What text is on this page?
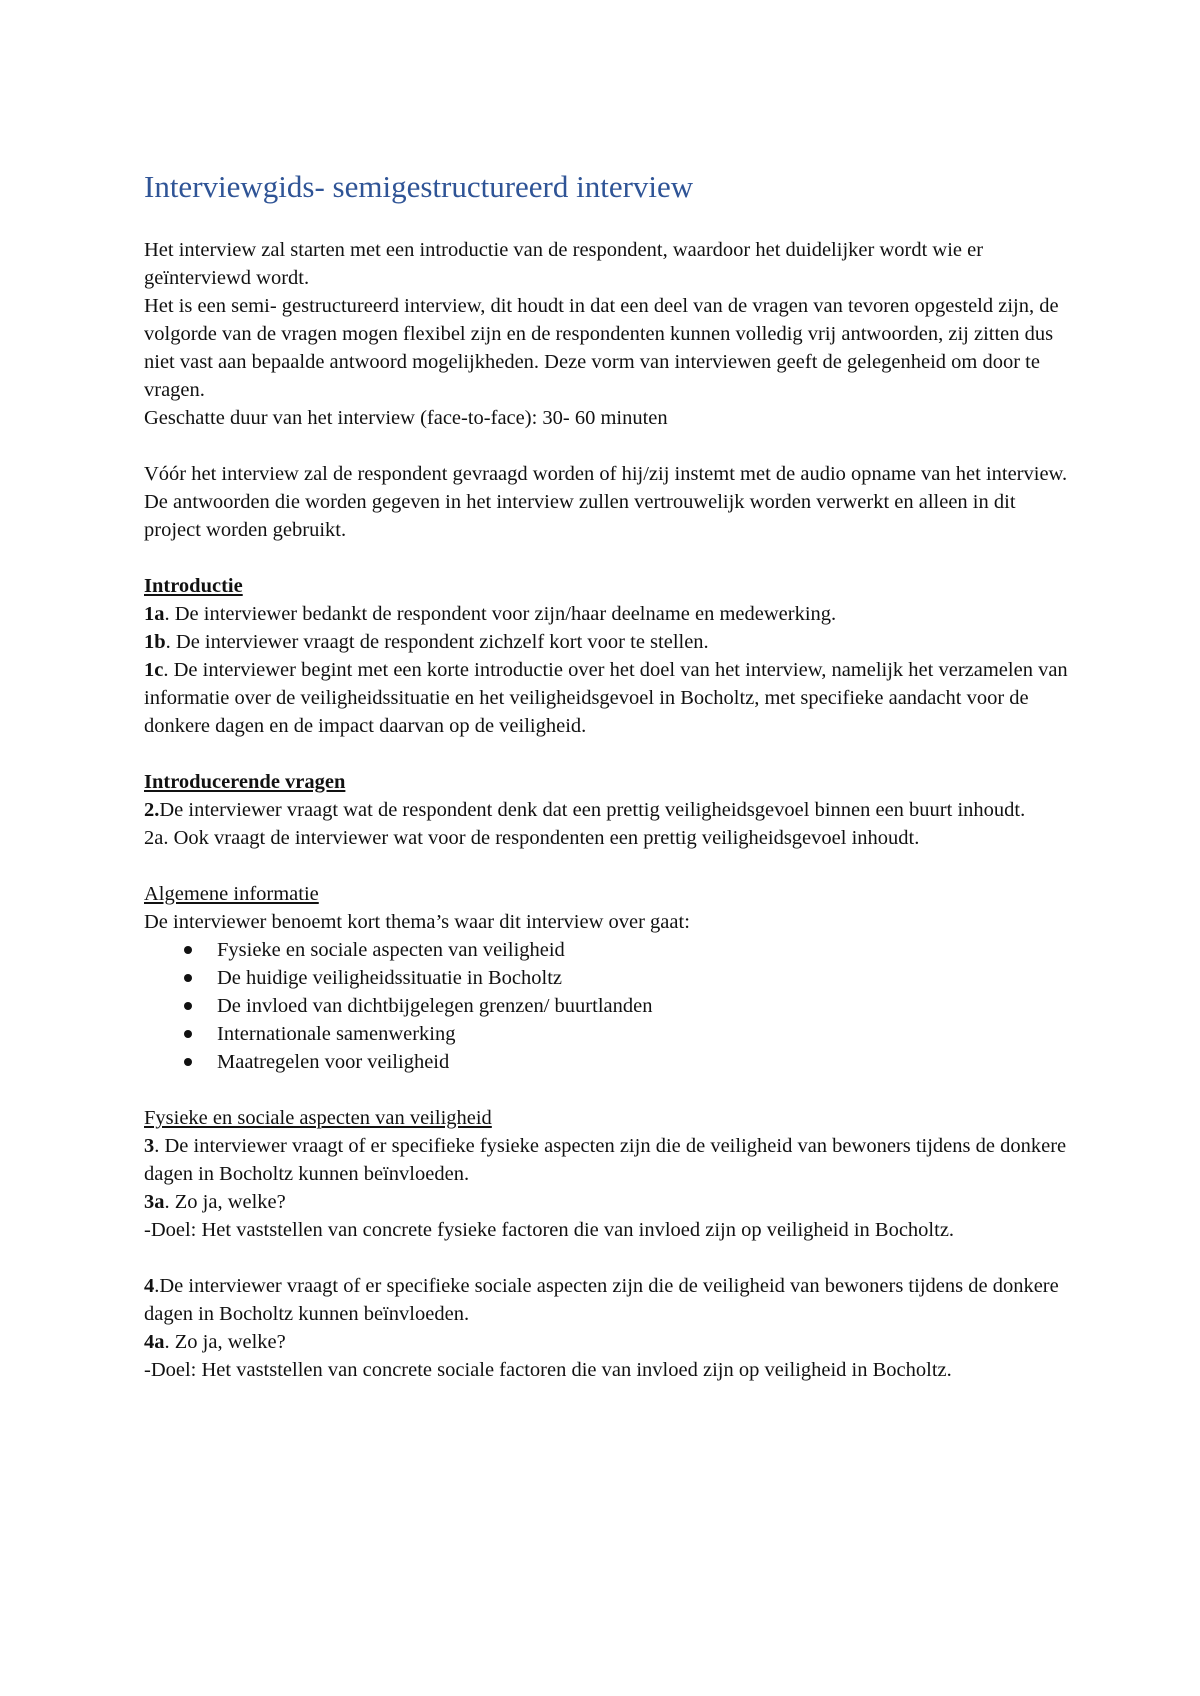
Interviewgids- semigestructureerd interview

Het interview zal starten met een introductie van de respondent, waardoor het duidelijker wordt wie er geïnterviewd wordt.

Het is een semi- gestructureerd interview, dit houdt in dat een deel van de vragen van tevoren opgesteld zijn, de volgorde van de vragen mogen flexibel zijn en de respondenten kunnen volledig vrij antwoorden, zij zitten dus niet vast aan bepaalde antwoord mogelijkheden. Deze vorm van interviewen geeft de gelegenheid om door te vragen.

Geschatte duur van het interview (face-to-face): 30- 60 minuten

Vóór het interview zal de respondent gevraagd worden of hij/zij instemt met de audio opname van het interview. De antwoorden die worden gegeven in het interview zullen vertrouwelijk worden verwerkt en alleen in dit project worden gebruikt.

Introductie

1a. De interviewer bedankt de respondent voor zijn/haar deelname en medewerking.

1b. De interviewer vraagt de respondent zichzelf kort voor te stellen.

1c. De interviewer begint met een korte introductie over het doel van het interview, namelijk het verzamelen van informatie over de veiligheidssituatie en het veiligheidsgevoel in Bocholtz, met specifieke aandacht voor de donkere dagen en de impact daarvan op de veiligheid.

Introducerende vragen

2.De interviewer vraagt wat de respondent denk dat een prettig veiligheidsgevoel binnen een buurt inhoudt.

2a. Ook vraagt de interviewer wat voor de respondenten een prettig veiligheidsgevoel inhoudt.

Algemene informatie

De interviewer benoemt kort thema’s waar dit interview over gaat:

Fysieke en sociale aspecten van veiligheid
De huidige veiligheidssituatie in Bocholtz
De invloed van dichtbijgelegen grenzen/ buurtlanden
Internationale samenwerking
Maatregelen voor veiligheid

Fysieke en sociale aspecten van veiligheid

3. De interviewer vraagt of er specifieke fysieke aspecten zijn die de veiligheid van bewoners tijdens de donkere dagen in Bocholtz kunnen beïnvloeden.

3a. Zo ja, welke?

-Doel: Het vaststellen van concrete fysieke factoren die van invloed zijn op veiligheid in Bocholtz.

4.De interviewer vraagt of er specifieke sociale aspecten zijn die de veiligheid van bewoners tijdens de donkere dagen in Bocholtz kunnen beïnvloeden.

4a. Zo ja, welke?

-Doel: Het vaststellen van concrete sociale factoren die van invloed zijn op veiligheid in Bocholtz.
